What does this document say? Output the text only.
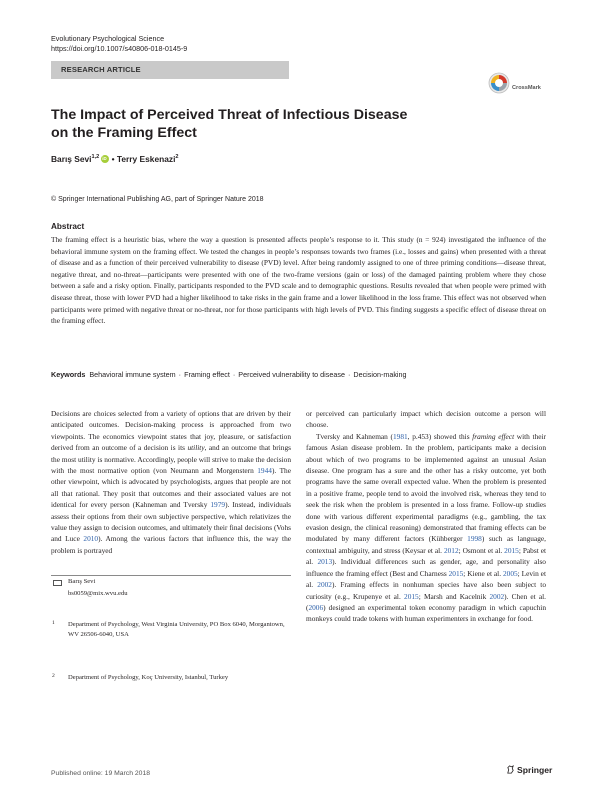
Evolutionary Psychological Science
https://doi.org/10.1007/s40806-018-0145-9
RESEARCH ARTICLE
CrossMark
The Impact of Perceived Threat of Infectious Disease
on the Framing Effect
Barış Sevi$^{1,2}$iD • Terry Eskenazi$^2$
© Springer International Publishing AG, part of Springer Nature 2018
Abstract
The framing effect is a heuristic bias, where the way a question is presented affects people’s response to it. This study (n = 924) investigated the influence of the behavioral immune system on the framing effect. We tested the changes in people’s responses towards two frames (i.e., losses and gains) when presented with a threat of disease and as a function of their perceived vulnerability to disease (PVD) level. After being randomly assigned to one of three priming conditions—disease threat, negative threat, and no-threat—participants were presented with one of the two-frame versions (gain or loss) of the damaged painting problem where they chose between a safe and a risky option. Finally, participants responded to the PVD scale and to demographic questions. Results revealed that when people were primed with disease threat, those with lower PVD had a higher likelihood to take risks in the gain frame and a lower likelihood in the loss frame. This effect was not observed when participants were primed with negative threat or no-threat, nor for those participants with high levels of PVD. This finding suggests a specific effect of disease threat on the framing effect.
Keywords Behavioral immune system · Framing effect · Perceived vulnerability to disease · Decision-making

Decisions are choices selected from a variety of options that are driven by their anticipated outcomes. Decision-making process is approached from two viewpoints. The economics viewpoint states that joy, pleasure, or satisfaction derived from an outcome of a decision is its utility, and an outcome that brings the most utility is normative. Accordingly, people will strive to make the decision with the most normative option (von Neumann and Morgenstern 1944). The other viewpoint, which is advocated by psychologists, argues that people are not all that rational. They posit that outcomes and their associated values are not identical for every person (Kahneman and Tversky 1979). Instead, individuals assess their options from their own subjective perspective, which relativizes the value they assign to decision outcomes, and ultimately their final decisions (Vohs and Luce 2010). Among the various factors that influence this, the way the problem is portrayed

or perceived can particularly impact which decision outcome a person will choose.

Tversky and Kahneman (1981, p.453) showed this framing effect with their famous Asian disease problem. In the problem, participants make a decision about which of two programs to be implemented against an unusual Asian disease. One program has a sure and the other has a risky outcome, yet both programs have the same overall expected value. When the problem is presented in a positive frame, people tend to avoid the involved risk, whereas they tend to seek the risk when the problem is presented in a loss frame. Follow-up studies done with various different experimental paradigms (e.g., gambling, the tax evasion design, the clinical reasoning) demonstrated that framing effects can be modulated by many different factors (Kühberger 1998) such as language, contextual ambiguity, and stress (Keysar et al. 2012; Osmont et al. 2015; Pabst et al. 2013). Individual differences such as gender, age, and personality also influence the framing effect (Best and Charness 2015; Kiene et al. 2005; Levin et al. 2002). Framing effects in nonhuman species have also been subject to curiosity (e.g., Krupenye et al. 2015; Marsh and Kacelnik 2002). Chen et al. (2006) designed an experimental token economy paradigm in which capuchin monkeys could trade tokens with human experimenters in exchange for food.

Barış Sevi
bs0059@mix.wvu.edu
1 Department of Psychology, West Virginia University, PO Box 6040, Morgantown, WV 26506-6040, USA
2 Department of Psychology, Koç University, Istanbul, Turkey
Published online: 19 March 2018	Springer
